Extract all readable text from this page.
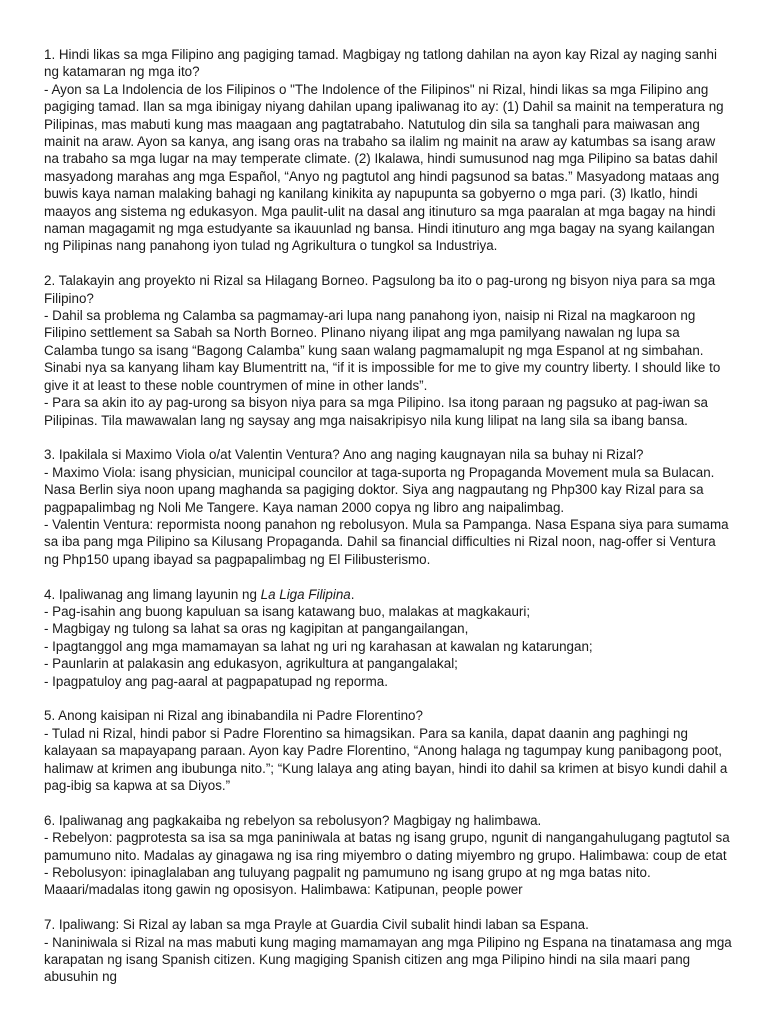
1. Hindi likas sa mga Filipino ang pagiging tamad. Magbigay ng tatlong dahilan na ayon kay Rizal ay naging sanhi ng katamaran ng mga ito?

- Ayon sa La Indolencia de los Filipinos o "The Indolence of the Filipinos" ni Rizal, hindi likas sa mga Filipino ang pagiging tamad. Ilan sa mga ibinigay niyang dahilan upang ipaliwanag ito ay: (1) Dahil sa mainit na temperatura ng Pilipinas, mas mabuti kung mas maagaan ang pagtatrabaho. Natutulog din sila sa tanghali para maiwasan ang mainit na araw. Ayon sa kanya, ang isang oras na trabaho sa ilalim ng mainit na araw ay katumbas sa isang araw na trabaho sa mga lugar na may temperate climate. (2) Ikalawa, hindi sumusunod nag mga Pilipino sa batas dahil masyadong marahas ang mga Español, “Anyo ng pagtutol ang hindi pagsunod sa batas.” Masyadong mataas ang buwis kaya naman malaking bahagi ng kanilang kinikita ay napupunta sa gobyerno o mga pari. (3) Ikatlo, hindi maayos ang sistema ng edukasyon. Mga paulit-ulit na dasal ang itinuturo sa mga paaralan at mga bagay na hindi naman magagamit ng mga estudyante sa ikauunlad ng bansa. Hindi itinuturo ang mga bagay na syang kailangan ng Pilipinas nang panahong iyon tulad ng Agrikultura o tungkol sa Industriya.

2. Talakayin ang proyekto ni Rizal sa Hilagang Borneo. Pagsulong ba ito o pag-urong ng bisyon niya para sa mga Filipino?

- Dahil sa problema ng Calamba sa pagmamay-ari lupa nang panahong iyon, naisip ni Rizal na magkaroon ng Filipino settlement sa Sabah sa North Borneo. Plinano niyang ilipat ang mga pamilyang nawalan ng lupa sa Calamba tungo sa isang “Bagong Calamba” kung saan walang pagmamalupit ng mga Espanol at ng simbahan. Sinabi nya sa kanyang liham kay Blumentritt na, “if it is impossible for me to give my country liberty. I should like to give it at least to these noble countrymen of mine in other lands”.

- Para sa akin ito ay pag-urong sa bisyon niya para sa mga Pilipino. Isa itong paraan ng pagsuko at pag-iwan sa Pilipinas. Tila mawawalan lang ng saysay ang mga naisakripisyo nila kung lilipat na lang sila sa ibang bansa.

3. Ipakilala si Maximo Viola o/at Valentin Ventura? Ano ang naging kaugnayan nila sa buhay ni Rizal?

- Maximo Viola: isang physician, municipal councilor at taga-suporta ng Propaganda Movement mula sa Bulacan. Nasa Berlin siya noon upang maghanda sa pagiging doktor. Siya ang nagpautang ng Php300 kay Rizal para sa pagpapalimbag ng Noli Me Tangere. Kaya naman 2000 copya ng libro ang naipalimbag.

- Valentin Ventura: repormista noong panahon ng rebolusyon. Mula sa Pampanga. Nasa Espana siya para sumama sa iba pang mga Pilipino sa Kilusang Propaganda. Dahil sa financial difficulties ni Rizal noon, nag-offer si Ventura ng Php150 upang ibayad sa pagpapalimbag ng El Filibusterismo.

4. Ipaliwanag ang limang layunin ng La Liga Filipina.

- Pag-isahin ang buong kapuluan sa isang katawang buo, malakas at magkakauri;

- Magbigay ng tulong sa lahat sa oras ng kagipitan at pangangailangan,

- Ipagtanggol ang mga mamamayan sa lahat ng uri ng karahasan at kawalan ng katarungan;

- Paunlarin at palakasin ang edukasyon, agrikultura at pangangalakal;

- Ipagpatuloy ang pag-aaral at pagpapatupad ng reporma.

5. Anong kaisipan ni Rizal ang ibinabandila ni Padre Florentino?

- Tulad ni Rizal, hindi pabor si Padre Florentino sa himagsikan. Para sa kanila, dapat daanin ang paghingi ng kalayaan sa mapayapang paraan. Ayon kay Padre Florentino, “Anong halaga ng tagumpay kung panibagong poot, halimaw at krimen ang ibubunga nito.”; “Kung lalaya ang ating bayan, hindi ito dahil sa krimen at bisyo kundi dahil a pag-ibig sa kapwa at sa Diyos.”

6. Ipaliwanag ang pagkakaiba ng rebelyon sa rebolusyon? Magbigay ng halimbawa.

- Rebelyon: pagprotesta sa isa sa mga paniniwala at batas ng isang grupo, ngunit di nangangahulugang pagtutol sa pamumuno nito. Madalas ay ginagawa ng isa ring miyembro o dating miyembro ng grupo. Halimbawa: coup de etat

- Rebolusyon: ipinaglalaban ang tuluyang pagpalit ng pamumuno ng isang grupo at ng mga batas nito. Maaari/madalas itong gawin ng oposisyon. Halimbawa: Katipunan, people power

7. Ipaliwang: Si Rizal ay laban sa mga Prayle at Guardia Civil subalit hindi laban sa Espana.

- Naniniwala si Rizal na mas mabuti kung maging mamamayan ang mga Pilipino ng Espana na tinatamasa ang mga karapatan ng isang Spanish citizen. Kung magiging Spanish citizen ang mga Pilipino hindi na sila maari pang abusuhin ng
